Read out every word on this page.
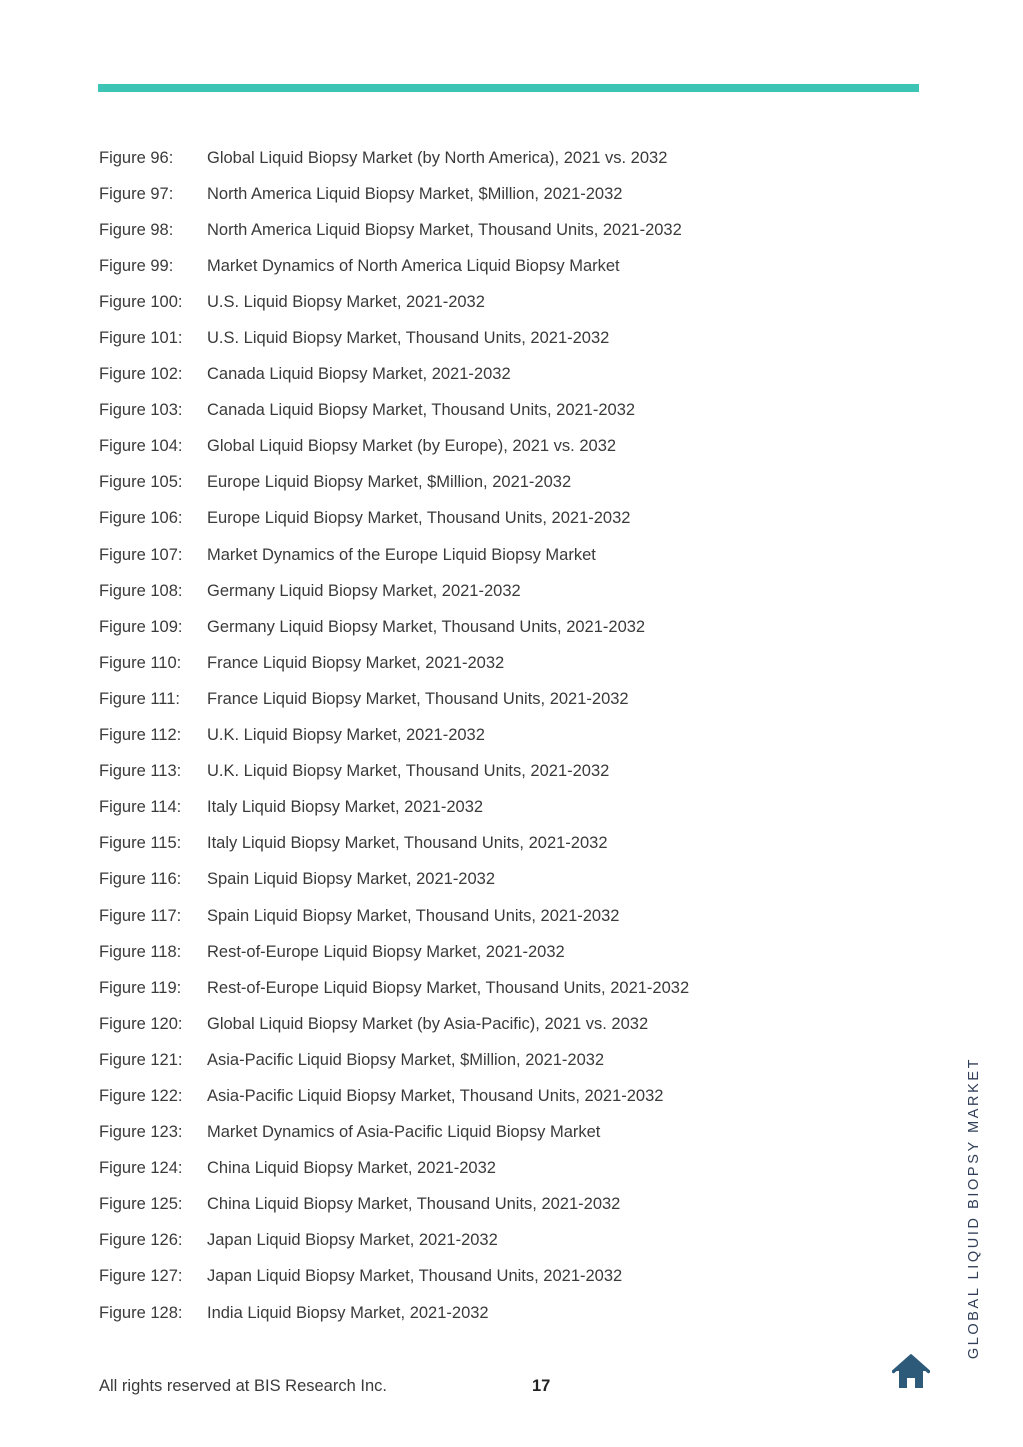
Figure 96:	Global Liquid Biopsy Market (by North America), 2021 vs. 2032
Figure 97:	North America Liquid Biopsy Market, $Million, 2021-2032
Figure 98:	North America Liquid Biopsy Market, Thousand Units, 2021-2032
Figure 99:	Market Dynamics of North America Liquid Biopsy Market
Figure 100:	U.S. Liquid Biopsy Market, 2021-2032
Figure 101:	U.S. Liquid Biopsy Market, Thousand Units, 2021-2032
Figure 102:	Canada Liquid Biopsy Market, 2021-2032
Figure 103:	Canada Liquid Biopsy Market, Thousand Units, 2021-2032
Figure 104:	Global Liquid Biopsy Market (by Europe), 2021 vs. 2032
Figure 105:	Europe Liquid Biopsy Market, $Million, 2021-2032
Figure 106:	Europe Liquid Biopsy Market, Thousand Units, 2021-2032
Figure 107:	Market Dynamics of the Europe Liquid Biopsy Market
Figure 108:	Germany Liquid Biopsy Market, 2021-2032
Figure 109:	Germany Liquid Biopsy Market, Thousand Units, 2021-2032
Figure 110:	France Liquid Biopsy Market, 2021-2032
Figure 111:	France Liquid Biopsy Market, Thousand Units, 2021-2032
Figure 112:	U.K. Liquid Biopsy Market, 2021-2032
Figure 113:	U.K. Liquid Biopsy Market, Thousand Units, 2021-2032
Figure 114:	Italy Liquid Biopsy Market, 2021-2032
Figure 115:	Italy Liquid Biopsy Market, Thousand Units, 2021-2032
Figure 116:	Spain Liquid Biopsy Market, 2021-2032
Figure 117:	Spain Liquid Biopsy Market, Thousand Units, 2021-2032
Figure 118:	Rest-of-Europe Liquid Biopsy Market, 2021-2032
Figure 119:	Rest-of-Europe Liquid Biopsy Market, Thousand Units, 2021-2032
Figure 120:	Global Liquid Biopsy Market (by Asia-Pacific), 2021 vs. 2032
Figure 121:	Asia-Pacific Liquid Biopsy Market, $Million, 2021-2032
Figure 122:	Asia-Pacific Liquid Biopsy Market, Thousand Units, 2021-2032
Figure 123:	Market Dynamics of Asia-Pacific Liquid Biopsy Market
Figure 124:	China Liquid Biopsy Market, 2021-2032
Figure 125:	China Liquid Biopsy Market, Thousand Units, 2021-2032
Figure 126:	Japan Liquid Biopsy Market, 2021-2032
Figure 127:	Japan Liquid Biopsy Market, Thousand Units, 2021-2032
Figure 128:	India Liquid Biopsy Market, 2021-2032	GLOBAL LIQUID BIOPSY MARKET
All rights reserved at BIS Research Inc.	17
